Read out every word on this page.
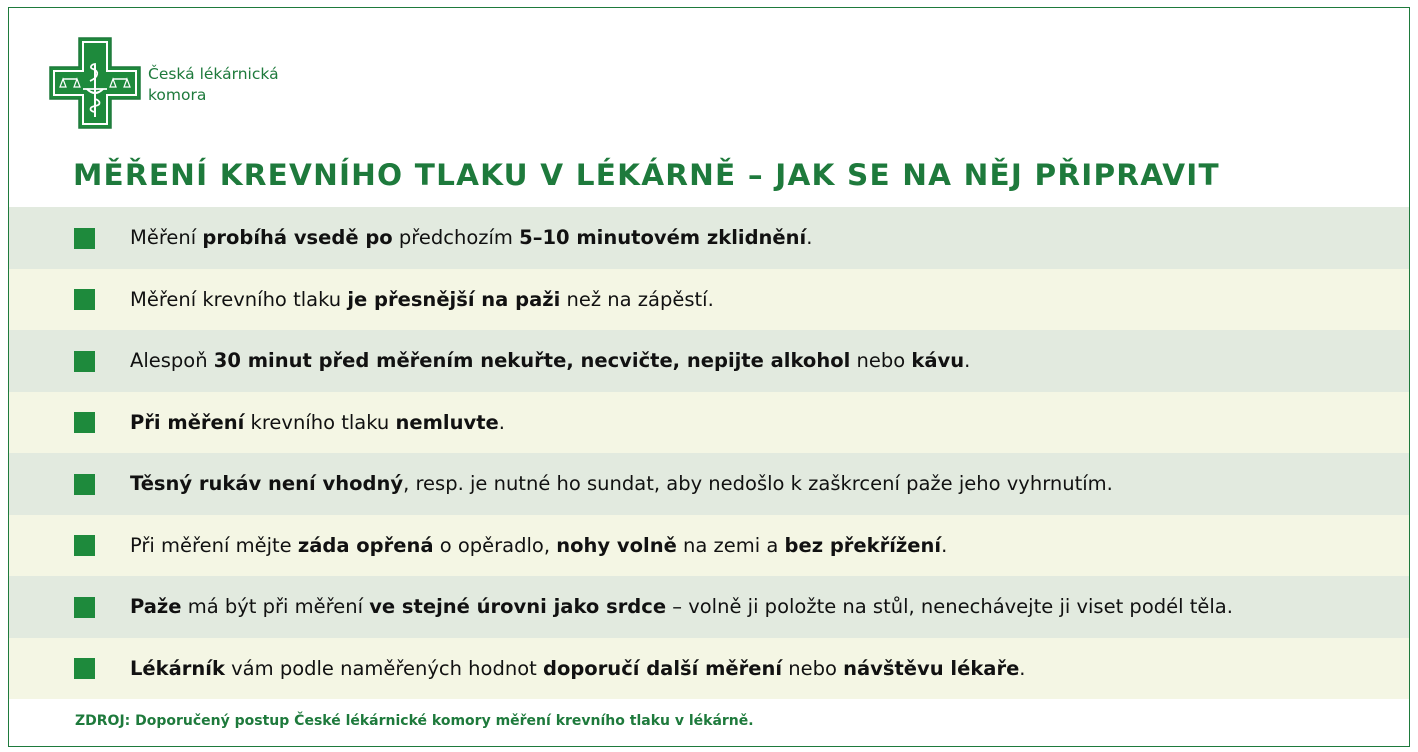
Česká lékárnická
komora
MĚŘENÍ KREVNÍHO TLAKU V LÉKÁRNĚ – JAK SE NA NĚJ PŘIPRAVIT
Měření probíhá vsedě po předchozím 5–10 minutovém zklidnění .
Měření krevního tlaku je přesnější na paži než na zápěstí.
Alespoň 30 minut před měřením nekuřte, necvičte, nepijte alkohol nebo kávu .
Při měření krevního tlaku nemluvte .
Těsný rukáv není vhodný , resp. je nutné ho sundat, aby nedošlo k zaškrcení paže jeho vyhrnutím.
Při měření mějte záda opřená o opěradlo, nohy volně na zemi a bez překřížení .
Paže má být při měření ve stejné úrovni jako srdce – volně ji položte na stůl, nenechávejte ji viset podél těla.
Lékárník vám podle naměřených hodnot doporučí další měření nebo návštěvu lékaře .
ZDROJ: Doporučený postup České lékárnické komory měření krevního tlaku v lékárně.
